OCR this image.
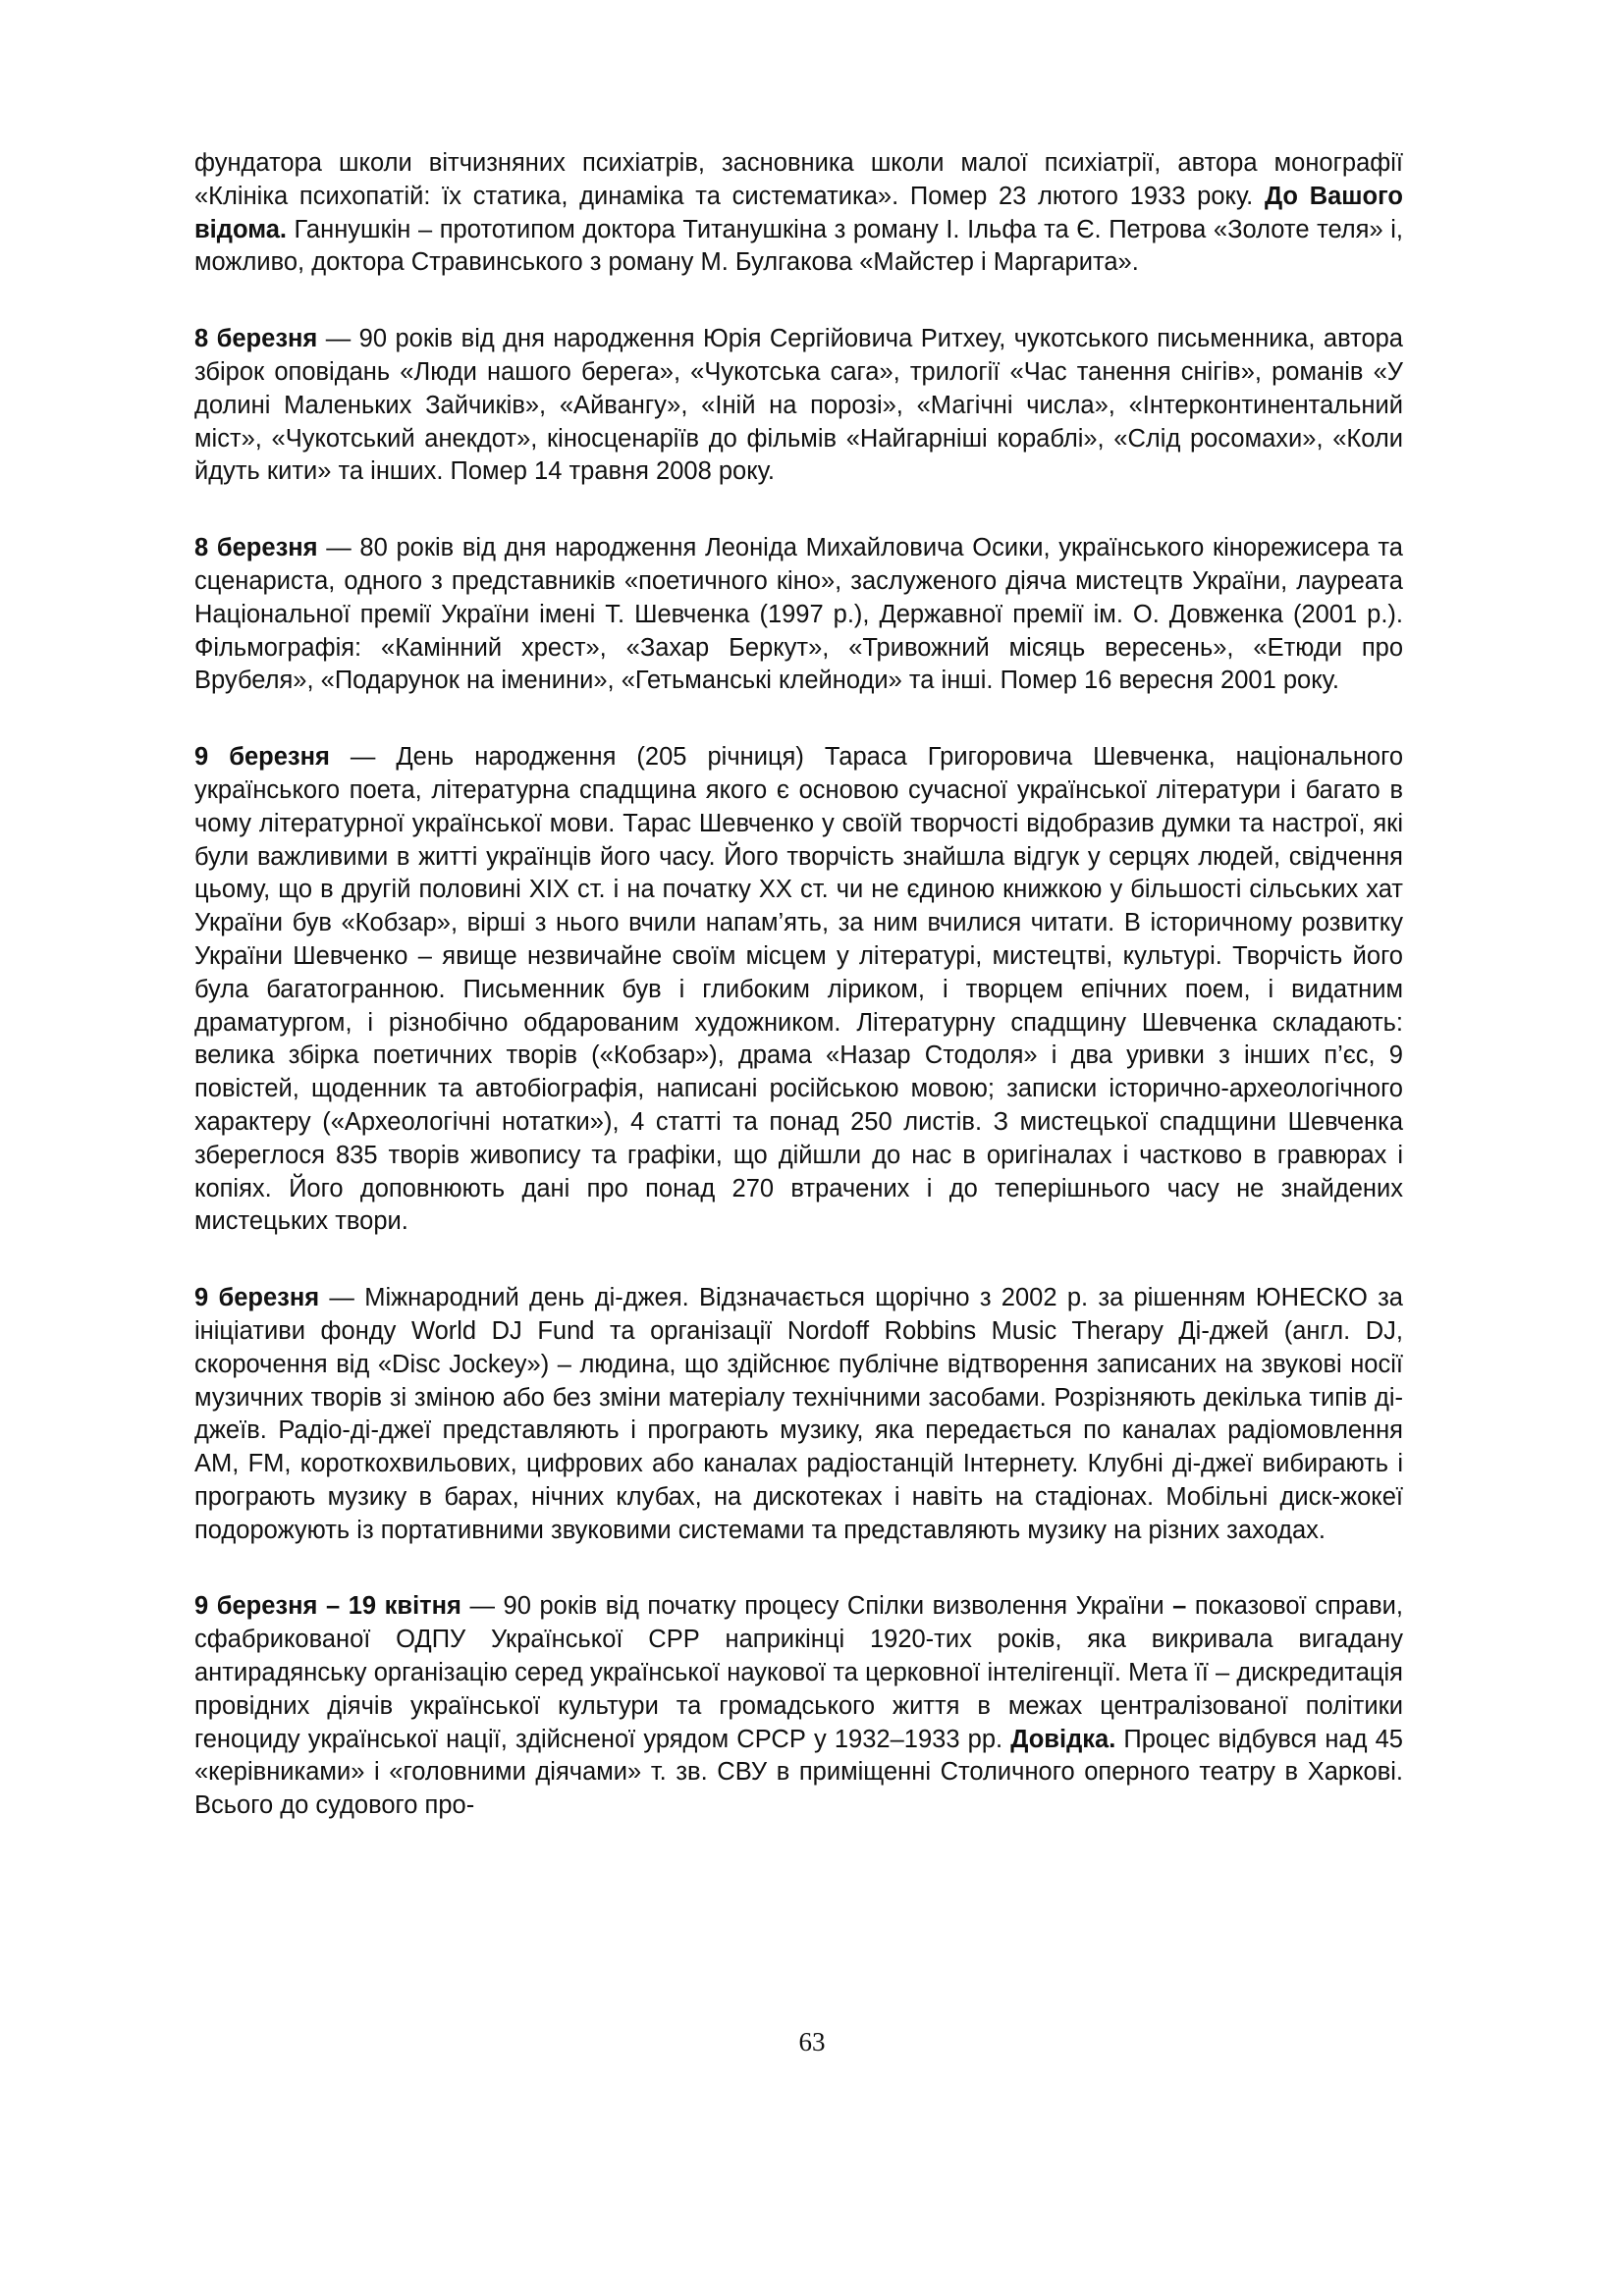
фундатора школи вітчизняних психіатрів, засновника школи малої психіатрії, автора монографії «Клініка психопатій: їх статика, динаміка та систематика». Помер 23 лютого 1933 року. До Вашого відома. Ганнушкін – прототипом доктора Титанушкіна з роману І. Ільфа та Є. Петрова «Золоте теля» і, можливо, доктора Стравинського з роману М. Булгакова «Майстер і Маргарита».

8 березня — 90 років від дня народження Юрія Сергійовича Ритхеу, чукотського письменника, автора збірок оповідань «Люди нашого берега», «Чукотська сага», трилогії «Час танення снігів», романів «У долині Маленьких Зайчиків», «Айвангу», «Іній на порозі», «Магічні числа», «Інтерконтинентальний міст», «Чукотський анекдот», кіносценаріїв до фільмів «Найгарніші кораблі», «Слід росомахи», «Коли йдуть кити» та інших. Помер 14 травня 2008 року.

8 березня — 80 років від дня народження Леоніда Михайловича Осики, українського кінорежисера та сценариста, одного з представників «поетичного кіно», заслуженого діяча мистецтв України, лауреата Національної премії України імені Т. Шевченка (1997 р.), Державної премії ім. О. Довженка (2001 р.). Фільмографія: «Камінний хрест», «Захар Беркут», «Тривожний місяць вересень», «Етюди про Врубеля», «Подарунок на іменини», «Гетьманські клейноди» та інші. Помер 16 вересня 2001 року.

9 березня — День народження (205 річниця) Тараса Григоровича Шевченка, національного українського поета, літературна спадщина якого є основою сучасної української літератури і багато в чому літературної української мови. Тарас Шевченко у своїй творчості відобразив думки та настрої, які були важливими в житті українців його часу. Його творчість знайшла відгук у серцях людей, свідчення цьому, що в другій половині XIX ст. і на початку XX ст. чи не єдиною книжкою у більшості сільських хат України був «Кобзар», вірші з нього вчили напам’ять, за ним вчилися читати. В історичному розвитку України Шевченко – явище незвичайне своїм місцем у літературі, мистецтві, культурі. Творчість його була багатогранною. Письменник був і глибоким ліриком, і творцем епічних поем, і видатним драматургом, і різнобічно обдарованим художником. Літературну спадщину Шевченка складають: велика збірка поетичних творів («Кобзар»), драма «Назар Стодоля» і два уривки з інших п’єс, 9 повістей, щоденник та автобіографія, написані російською мовою; записки історично-археологічного характеру («Археологічні нотатки»), 4 статті та понад 250 листів. З мистецької спадщини Шевченка збереглося 835 творів живопису та графіки, що дійшли до нас в оригіналах і частково в гравюрах і копіях. Його доповнюють дані про понад 270 втрачених і до теперішнього часу не знайдених мистецьких твори.

9 березня — Міжнародний день ді-джея. Відзначається щорічно з 2002 р. за рішенням ЮНЕСКО за ініціативи фонду World DJ Fund та організації Nordoff Robbins Music Therapy Ді-джей (англ. DJ, скорочення від «Disc Jockey») – людина, що здійснює публічне відтворення записаних на звукові носії музичних творів зі зміною або без зміни матеріалу технічними засобами. Розрізняють декілька типів ді-джеїв. Радіо-ді-джеї представляють і програють музику, яка передається по каналах радіомовлення AM, FM, короткохвильових, цифрових або каналах радіостанцій Інтернету. Клубні ді-джеї вибирають і програють музику в барах, нічних клубах, на дискотеках і навіть на стадіонах. Мобільні диск-жокеї подорожують із портативними звуковими системами та представляють музику на різних заходах.

9 березня – 19 квітня — 90 років від початку процесу Спілки визволення України – показової справи, сфабрикованої ОДПУ Української СРР наприкінці 1920-тих років, яка викривала вигадану антирадянську організацію серед української наукової та церковної інтелігенції. Мета її – дискредитація провідних діячів української культури та громадського життя в межах централізованої політики геноциду української нації, здійсненої урядом СРСР у 1932–1933 рр. Довідка. Процес відбувся над 45 «керівниками» і «головними діячами» т. зв. СВУ в приміщенні Столичного оперного театру в Харкові. Всього до судового про-

63
